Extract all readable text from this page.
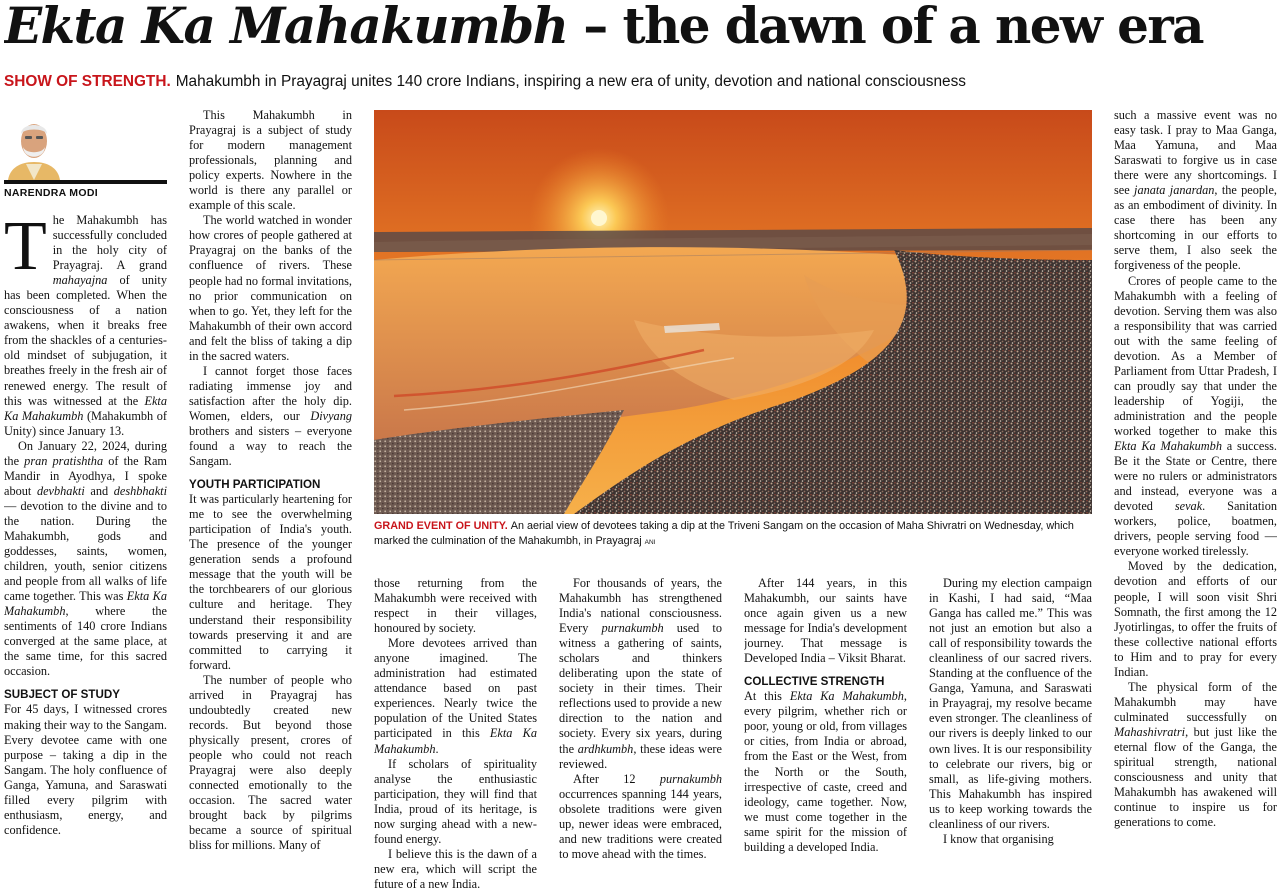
Ekta Ka Mahakumbh – the dawn of a new era
SHOW OF STRENGTH. Mahakumbh in Prayagraj unites 140 crore Indians, inspiring a new era of unity, devotion and national consciousness
NARENDRA MODI

The Mahakumbh has successfully concluded in the holy city of Prayagraj. A grand mahayajna of unity has been completed. When the consciousness of a nation awakens, when it breaks free from the shackles of a centuries-old mindset of subjugation, it breathes freely in the fresh air of renewed energy. The result of this was witnessed at the Ekta Ka Mahakumbh (Mahakumbh of Unity) since January 13.

On January 22, 2024, during the pran pratishtha of the Ram Mandir in Ayodhya, I spoke about devbhakti and deshbhakti — devotion to the divine and to the nation. During the Mahakumbh, gods and goddesses, saints, women, children, youth, senior citizens and people from all walks of life came together. This was Ekta Ka Mahakumbh, where the sentiments of 140 crore Indians converged at the same place, at the same time, for this sacred occasion.

SUBJECT OF STUDY

For 45 days, I witnessed crores making their way to the Sangam. Every devotee came with one purpose – taking a dip in the Sangam. The holy confluence of Ganga, Yamuna, and Saraswati filled every pilgrim with enthusiasm, energy, and confidence.

This Mahakumbh in Prayagraj is a subject of study for modern management professionals, planning and policy experts. Nowhere in the world is there any parallel or example of this scale.

The world watched in wonder how crores of people gathered at Prayagraj on the banks of the confluence of rivers. These people had no formal invitations, no prior communication on when to go. Yet, they left for the Mahakumbh of their own accord and felt the bliss of taking a dip in the sacred waters.

I cannot forget those faces radiating immense joy and satisfaction after the holy dip. Women, elders, our Divyang brothers and sisters – everyone found a way to reach the Sangam.

YOUTH PARTICIPATION

It was particularly heartening for me to see the overwhelming participation of India's youth. The presence of the younger generation sends a profound message that the youth will be the torchbearers of our glorious culture and heritage. They understand their responsibility towards preserving it and are committed to carrying it forward.

The number of people who arrived in Prayagraj has undoubtedly created new records. But beyond those physically present, crores of people who could not reach Prayagraj were also deeply connected emotionally to the occasion. The sacred water brought back by pilgrims became a source of spiritual bliss for millions. Many of

GRAND EVENT OF UNITY. An aerial view of devotees taking a dip at the Triveni Sangam on the occasion of Maha Shivratri on Wednesday, which marked the culmination of the Mahakumbh, in Prayagraj ANI

those returning from the Mahakumbh were received with respect in their villages, honoured by society.

More devotees arrived than anyone imagined. The administration had estimated attendance based on past experiences. Nearly twice the population of the United States participated in this Ekta Ka Mahakumbh.

If scholars of spirituality analyse the enthusiastic participation, they will find that India, proud of its heritage, is now surging ahead with a new-found energy.

I believe this is the dawn of a new era, which will script the future of a new India.

For thousands of years, the Mahakumbh has strengthened India's national consciousness. Every purnakumbh used to witness a gathering of saints, scholars and thinkers deliberating upon the state of society in their times. Their reflections used to provide a new direction to the nation and society. Every six years, during the ardhkumbh, these ideas were reviewed.

After 12 purnakumbh occurrences spanning 144 years, obsolete traditions were given up, newer ideas were embraced, and new traditions were created to move ahead with the times.

After 144 years, in this Mahakumbh, our saints have once again given us a new message for India's development journey. That message is Developed India – Viksit Bharat.

COLLECTIVE STRENGTH

At this Ekta Ka Mahakumbh, every pilgrim, whether rich or poor, young or old, from villages or cities, from India or abroad, from the East or the West, from the North or the South, irrespective of caste, creed and ideology, came together. Now, we must come together in the same spirit for the mission of building a developed India.

During my election campaign in Kashi, I had said, “Maa Ganga has called me.” This was not just an emotion but also a call of responsibility towards the cleanliness of our sacred rivers. Standing at the confluence of the Ganga, Yamuna, and Saraswati in Prayagraj, my resolve became even stronger. The cleanliness of our rivers is deeply linked to our own lives. It is our responsibility to celebrate our rivers, big or small, as life-giving mothers. This Mahakumbh has inspired us to keep working towards the cleanliness of our rivers.

I know that organising

such a massive event was no easy task. I pray to Maa Ganga, Maa Yamuna, and Maa Saraswati to forgive us in case there were any shortcomings. I see janata janardan, the people, as an embodiment of divinity. In case there has been any shortcoming in our efforts to serve them, I also seek the forgiveness of the people.

Crores of people came to the Mahakumbh with a feeling of devotion. Serving them was also a responsibility that was carried out with the same feeling of devotion. As a Member of Parliament from Uttar Pradesh, I can proudly say that under the leadership of Yogiji, the administration and the people worked together to make this Ekta Ka Mahakumbh a success. Be it the State or Centre, there were no rulers or administrators and instead, everyone was a devoted sevak. Sanitation workers, police, boatmen, drivers, people serving food — everyone worked tirelessly.

Moved by the dedication, devotion and efforts of our people, I will soon visit Shri Somnath, the first among the 12 Jyotirlingas, to offer the fruits of these collective national efforts to Him and to pray for every Indian.

The physical form of the Mahakumbh may have culminated successfully on Mahashivratri, but just like the eternal flow of the Ganga, the spiritual strength, national consciousness and unity that Mahakumbh has awakened will continue to inspire us for generations to come.
